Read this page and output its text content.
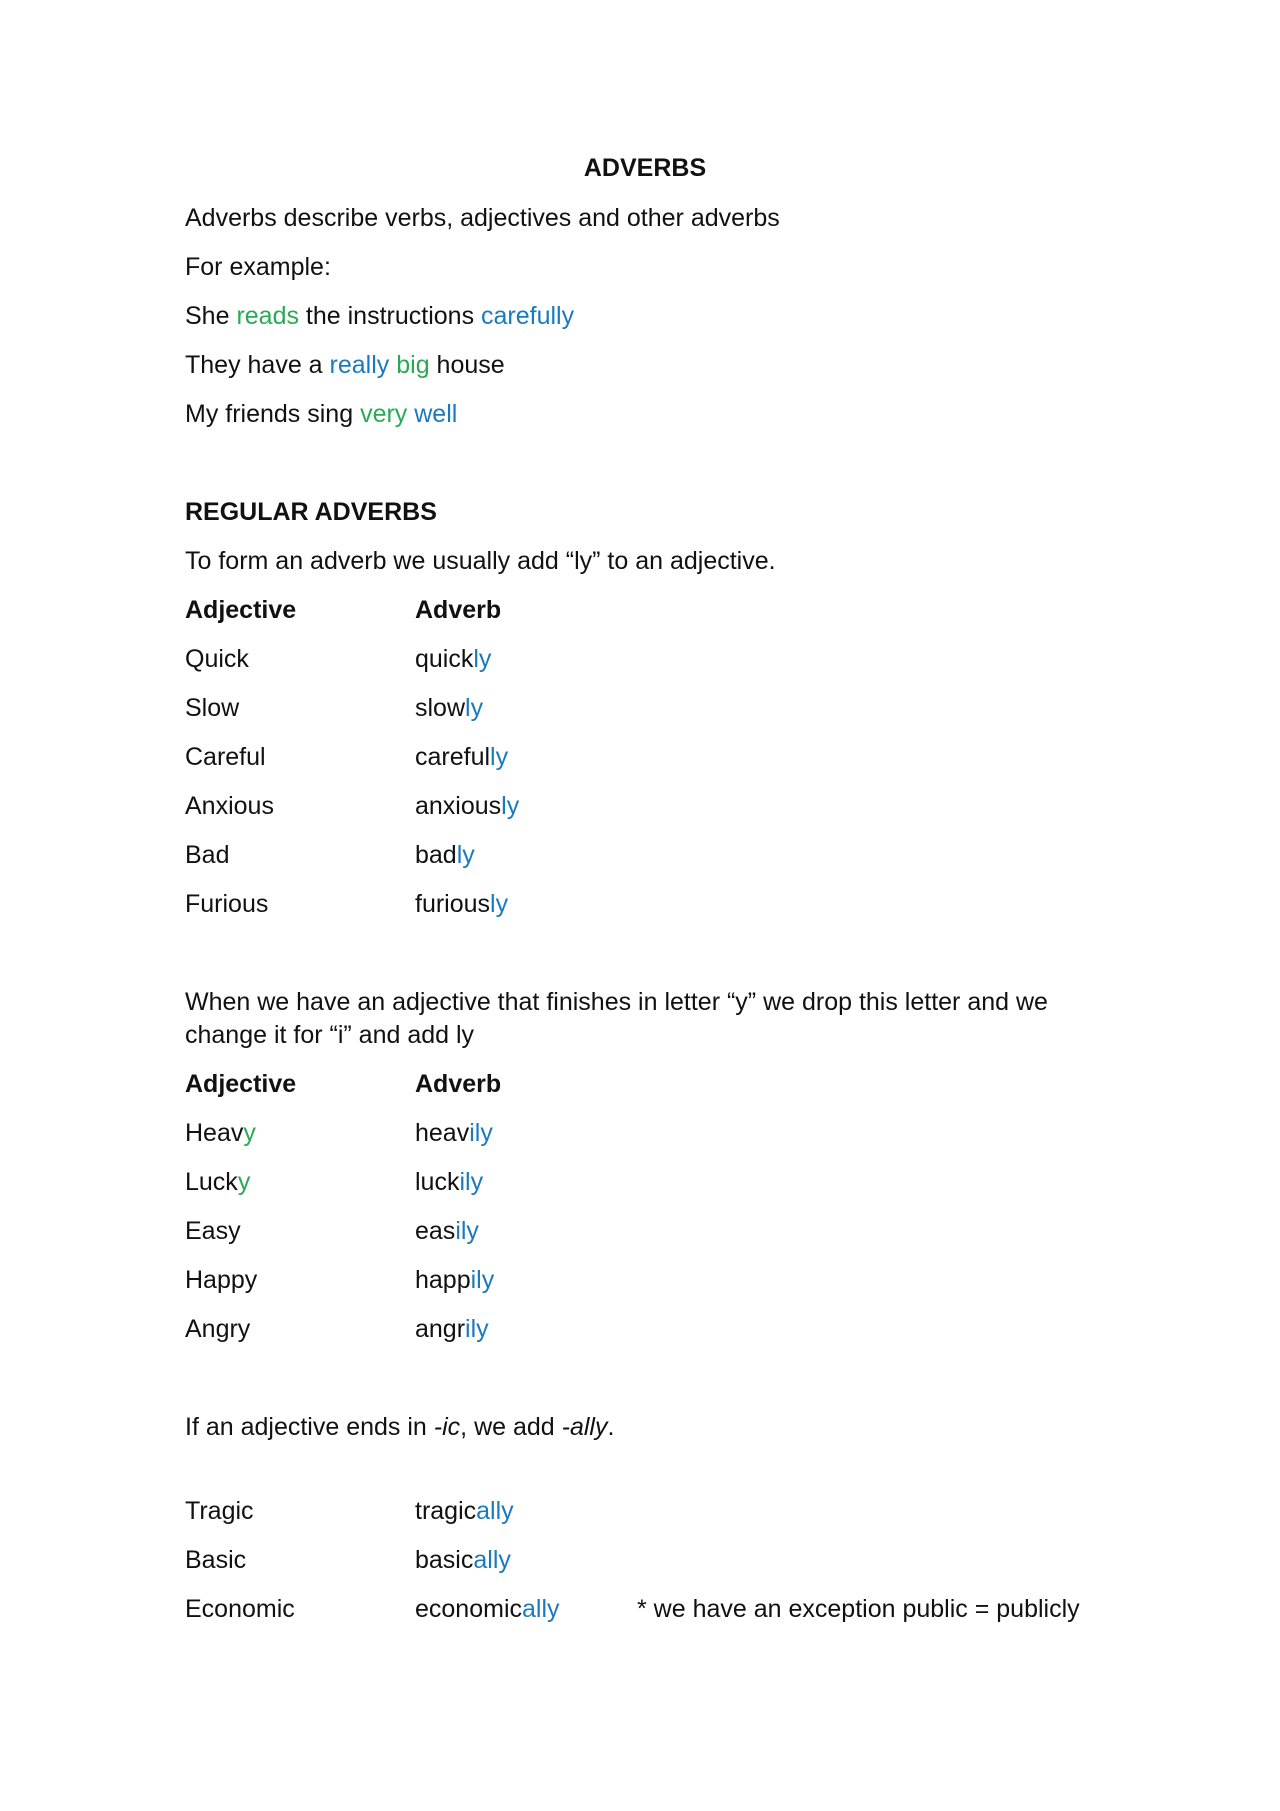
ADVERBS
Adverbs describe verbs, adjectives and other adverbs
For example:
She reads the instructions carefully
They have a really big house
My friends sing very well
REGULAR ADVERBS
To form an adverb we usually add “ly” to an adjective.
Adjective	Adverb
Quick	quickly
Slow	slowly
Careful	carefully
Anxious	anxiously
Bad	badly
Furious	furiously
When we have an adjective that finishes in letter “y” we drop this letter and we
change it for “i” and add ly
Adjective	Adverb
Heavy	heavily
Lucky	luckily
Easy	easily
Happy	happily
Angry	angrily
If an adjective ends in -ic, we add -ally.
Tragic	tragically
Basic	basically
Economic	economically	* we have an exception public = publicly
